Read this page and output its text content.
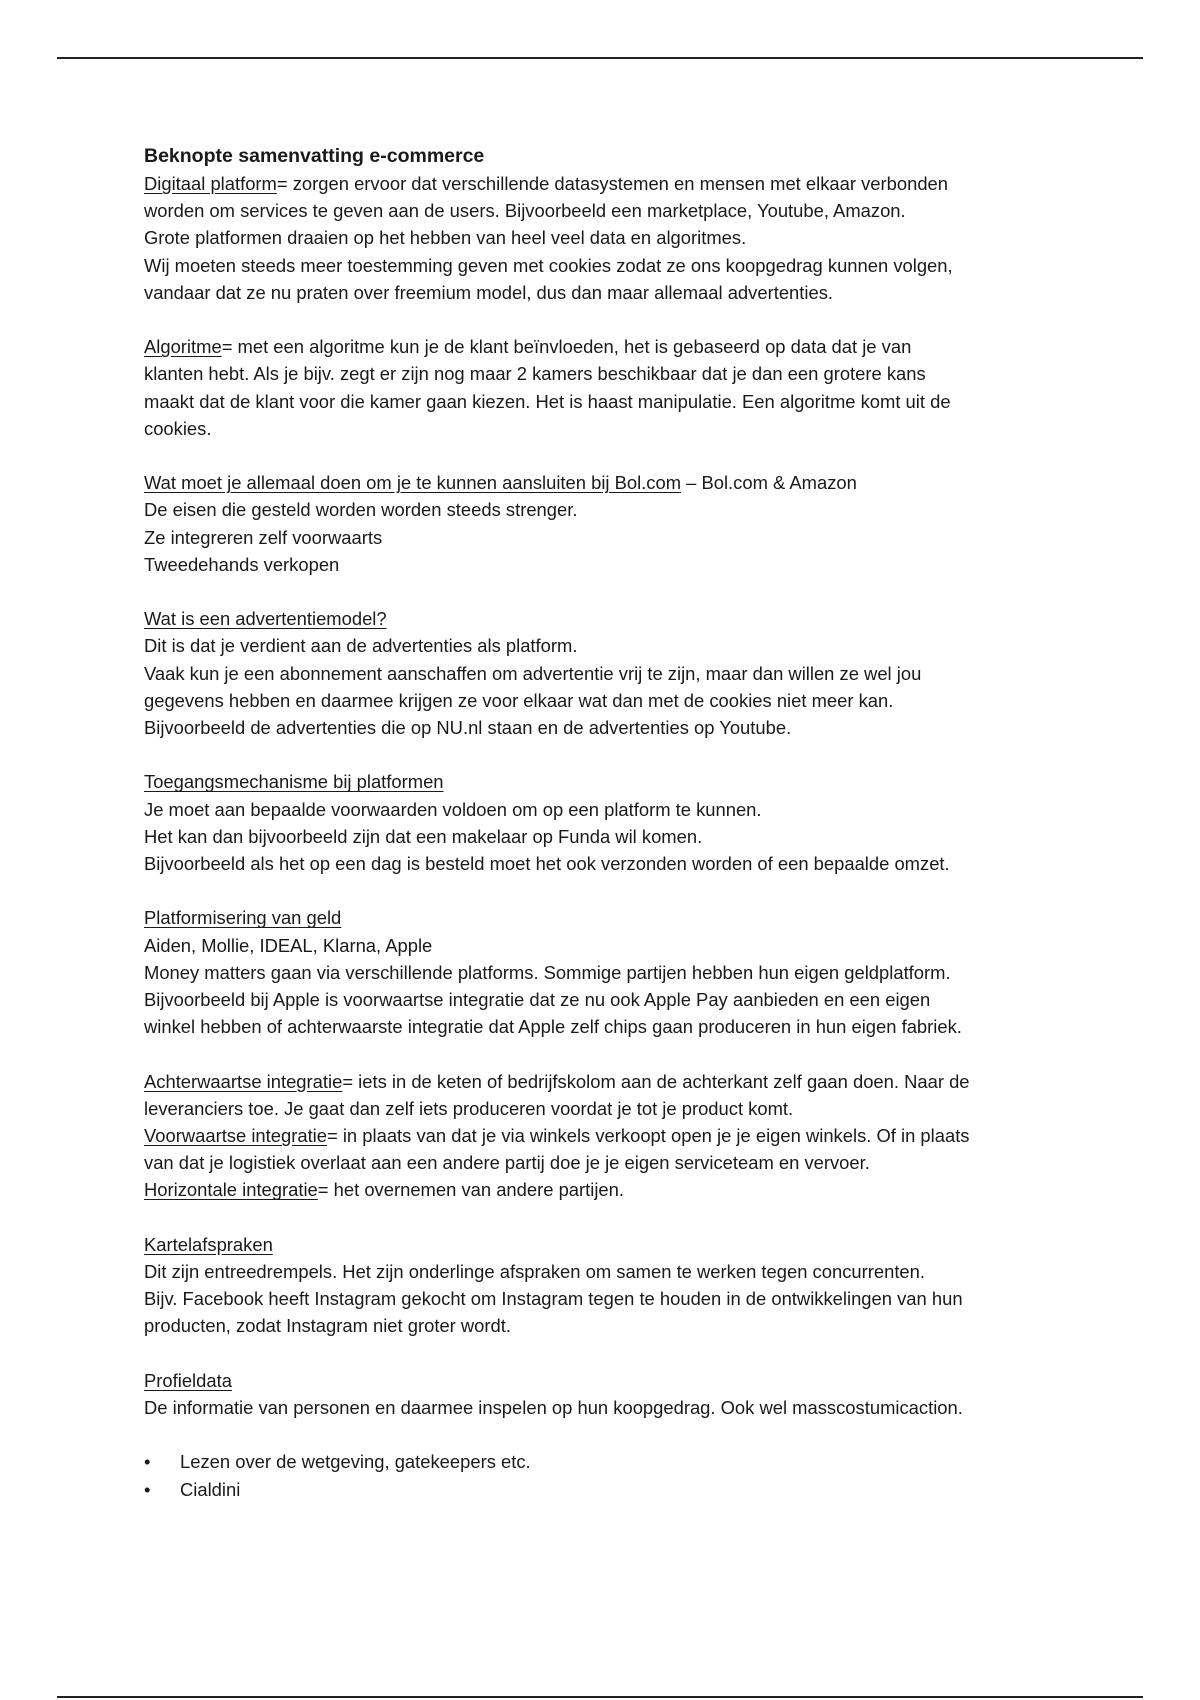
Beknopte samenvatting e-commerce

Digitaal platform= zorgen ervoor dat verschillende datasystemen en mensen met elkaar verbonden

worden om services te geven aan de users. Bijvoorbeeld een marketplace, Youtube, Amazon.

Grote platformen draaien op het hebben van heel veel data en algoritmes.

Wij moeten steeds meer toestemming geven met cookies zodat ze ons koopgedrag kunnen volgen,

vandaar dat ze nu praten over freemium model, dus dan maar allemaal advertenties.

Algoritme= met een algoritme kun je de klant beïnvloeden, het is gebaseerd op data dat je van

klanten hebt. Als je bijv. zegt er zijn nog maar 2 kamers beschikbaar dat je dan een grotere kans

maakt dat de klant voor die kamer gaan kiezen. Het is haast manipulatie. Een algoritme komt uit de

cookies.

Wat moet je allemaal doen om je te kunnen aansluiten bij Bol.com – Bol.com & Amazon

De eisen die gesteld worden worden steeds strenger.

Ze integreren zelf voorwaarts

Tweedehands verkopen

Wat is een advertentiemodel?

Dit is dat je verdient aan de advertenties als platform.

Vaak kun je een abonnement aanschaffen om advertentie vrij te zijn, maar dan willen ze wel jou

gegevens hebben en daarmee krijgen ze voor elkaar wat dan met de cookies niet meer kan.

Bijvoorbeeld de advertenties die op NU.nl staan en de advertenties op Youtube.

Toegangsmechanisme bij platformen

Je moet aan bepaalde voorwaarden voldoen om op een platform te kunnen.

Het kan dan bijvoorbeeld zijn dat een makelaar op Funda wil komen.

Bijvoorbeeld als het op een dag is besteld moet het ook verzonden worden of een bepaalde omzet.

Platformisering van geld

Aiden, Mollie, IDEAL, Klarna, Apple

Money matters gaan via verschillende platforms. Sommige partijen hebben hun eigen geldplatform.

Bijvoorbeeld bij Apple is voorwaartse integratie dat ze nu ook Apple Pay aanbieden en een eigen

winkel hebben of achterwaarste integratie dat Apple zelf chips gaan produceren in hun eigen fabriek.

Achterwaartse integratie= iets in de keten of bedrijfskolom aan de achterkant zelf gaan doen. Naar de

leveranciers toe. Je gaat dan zelf iets produceren voordat je tot je product komt.

Voorwaartse integratie= in plaats van dat je via winkels verkoopt open je je eigen winkels. Of in plaats

van dat je logistiek overlaat aan een andere partij doe je je eigen serviceteam en vervoer.

Horizontale integratie= het overnemen van andere partijen.

Kartelafspraken

Dit zijn entreedrempels. Het zijn onderlinge afspraken om samen te werken tegen concurrenten.

Bijv. Facebook heeft Instagram gekocht om Instagram tegen te houden in de ontwikkelingen van hun

producten, zodat Instagram niet groter wordt.

Profieldata

De informatie van personen en daarmee inspelen op hun koopgedrag. Ook wel masscostumicaction.

• Lezen over de wetgeving, gatekeepers etc.
• Cialdini
